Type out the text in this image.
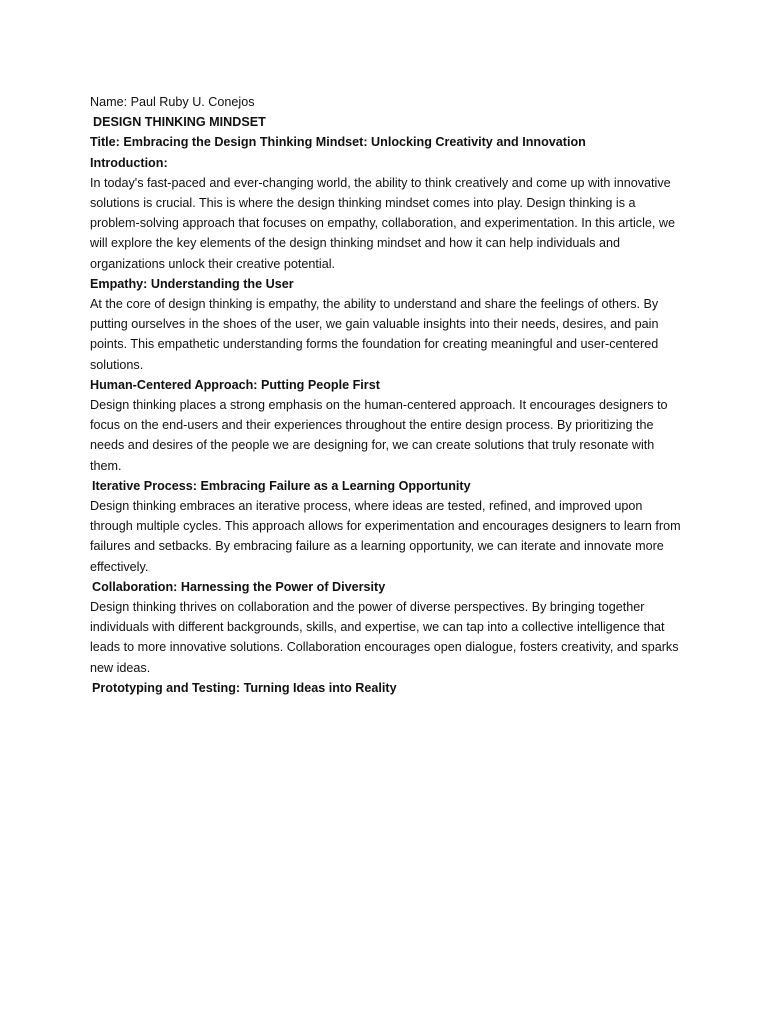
Name: Paul Ruby U. Conejos

DESIGN THINKING MINDSET

Title: Embracing the Design Thinking Mindset: Unlocking Creativity and Innovation

Introduction:

In today's fast-paced and ever-changing world, the ability to think creatively and come up with innovative solutions is crucial. This is where the design thinking mindset comes into play. Design thinking is a problem-solving approach that focuses on empathy, collaboration, and experimentation. In this article, we will explore the key elements of the design thinking mindset and how it can help individuals and organizations unlock their creative potential.

Empathy: Understanding the User

At the core of design thinking is empathy, the ability to understand and share the feelings of others. By putting ourselves in the shoes of the user, we gain valuable insights into their needs, desires, and pain points. This empathetic understanding forms the foundation for creating meaningful and user-centered solutions.

Human-Centered Approach: Putting People First

Design thinking places a strong emphasis on the human-centered approach. It encourages designers to focus on the end-users and their experiences throughout the entire design process. By prioritizing the needs and desires of the people we are designing for, we can create solutions that truly resonate with them.

Iterative Process: Embracing Failure as a Learning Opportunity

Design thinking embraces an iterative process, where ideas are tested, refined, and improved upon through multiple cycles. This approach allows for experimentation and encourages designers to learn from failures and setbacks. By embracing failure as a learning opportunity, we can iterate and innovate more effectively.

Collaboration: Harnessing the Power of Diversity

Design thinking thrives on collaboration and the power of diverse perspectives. By bringing together individuals with different backgrounds, skills, and expertise, we can tap into a collective intelligence that leads to more innovative solutions. Collaboration encourages open dialogue, fosters creativity, and sparks new ideas.

Prototyping and Testing: Turning Ideas into Reality
